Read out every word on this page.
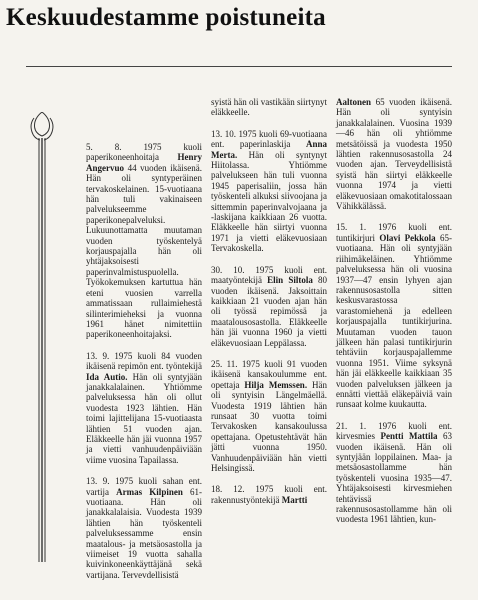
Keskuudestamme poistuneita

5. 8. 1975 kuoli paperikoneenhoitaja Henry Angervuo 44 vuoden ikäisenä. Hän oli syntyperäinen tervakoskelainen. 15-vuotiaana hän tuli vakinaiseen palvelukseemme paperikonepalveluksi. Lukuunottamatta muutaman vuoden työskentelyä korjauspajalla hän oli yhtäjaksoisesti paperinvalmistuspuolella. Työkokemuksen kartuttua hän eteni vuosien varrella ammatissaan rullaimiehestä silinterimieheksi ja vuonna 1961 hänet nimitettiin paperikoneenhoitajaksi.

13. 9. 1975 kuoli 84 vuoden ikäisenä repimön ent. työntekijä Ida Autio. Hän oli syntyjään janakkalalainen. Yhtiömme palveluksessa hän oli ollut vuodesta 1923 lähtien. Hän toimi lajittelijana 15-vuotiaasta lähtien 51 vuoden ajan. Eläkkeelle hän jäi vuonna 1957 ja vietti vanhuudenpäiviään viime vuosina Tapailassa.

13. 9. 1975 kuoli sahan ent. vartija Armas Kilpinen 61-vuotiaana. Hän oli janakkalalaisia. Vuodesta 1939 lähtien hän työskenteli palveluksessamme ensin maatalous- ja metsäosastolla ja viimeiset 19 vuotta sahalla kuivinkoneenkäyttäjänä sekä vartijana. Tervevdellisistä

syistä hän oli vastikään siirtynyt eläkkeelle.

13. 10. 1975 kuoli 69-vuotiaana ent. paperinlaskija Anna Merta. Hän oli syntynyt Hiitolassa. Yhtiömme palvelukseen hän tuli vuonna 1945 paperisaliin, jossa hän työskenteli alkuksi siivoojana ja sittemmin paperinvalvojaana ja -laskijana kaikkiaan 26 vuotta. Eläkkeelle hän siirtyi vuonna 1971 ja vietti eläkevuosiaan Tervakoskella.

30. 10. 1975 kuoli ent. maatyöntekijä Elin Siltola 80 vuoden ikäisenä. Jaksoittain kaikkiaan 21 vuoden ajan hän oli työssä repimössä ja maatalousosastolla. Eläkkeelle hän jäi vuonna 1960 ja vietti eläkevuosiaan Leppälassa.

25. 11. 1975 kuoli 91 vuoden ikäisenä kansakoulumme ent. opettaja Hilja Memssen. Hän oli syntyisin Längelmäellä. Vuodesta 1919 lähtien hän runsaat 30 vuotta toimi Tervakosken kansakoulussa opettajana. Opetustehtävät hän jätti vuonna 1950. Vanhuudenpäiviään hän vietti Helsingissä.

18. 12. 1975 kuoli ent. rakennustyöntekijä Martti

Aaltonen 65 vuoden ikäisenä. Hän oli syntyisin janakkalalainen. Vuosina 1939—46 hän oli yhtiömme metsätöissä ja vuodesta 1950 lähtien rakennusosastolla 24 vuoden ajan. Terveydellisistä syistä hän siirtyi eläkkeelle vuonna 1974 ja vietti eläkevuosiaan omakotitalossaan Vähikkälässä.

15. 1. 1976 kuoli ent. tuntikirjuri Olavi Pekkola 65-vuotiaana. Hän oli syntyjään riihimäkeläinen. Yhtiömme palveluksessa hän oli vuosina 1937—47 ensin lyhyen ajan rakennusosastolla sitten keskusvarastossa varastomiehenä ja edelleen korjauspajalla tuntikirjurina. Muutaman vuoden tauon jälkeen hän palasi tuntikirjurin tehtäviin korjauspajallemme vuonna 1951. Viime syksynä hän jäi eläkkeelle kaikkiaan 35 vuoden palveluksen jälkeen ja ennätti viettää eläkepäiviä vain runsaat kolme kuukautta.

21. 1. 1976 kuoli ent. kirvesmies Pentti Mattila 63 vuoden ikäisenä. Hän oli syntyjään loppilainen. Maa- ja metsäosastollamme hän työskenteli vuosina 1935—47. Yhtäjaksoisesti kirvesmiehen tehtävissä rakennusosastollamme hän oli vuodesta 1961 lähtien, kun-
